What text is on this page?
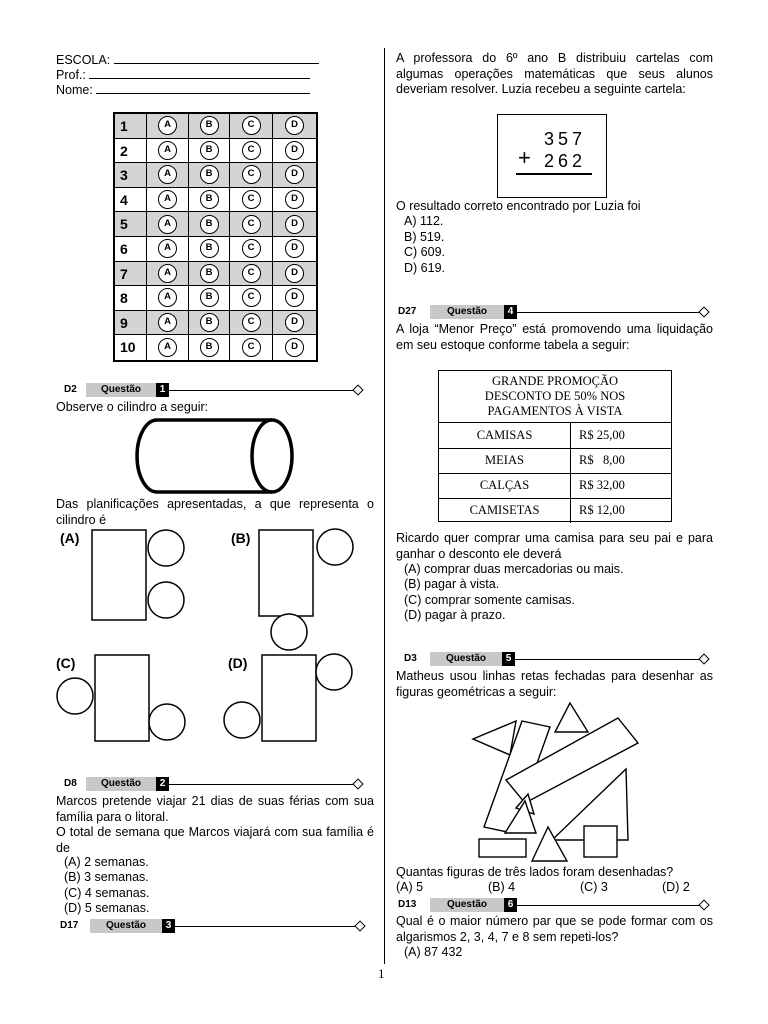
ESCOLA:
Prof.:
Nome:
1	A	B	C	D
2	A	B	C	D
3	A	B	C	D
4	A	B	C	D
5	A	B	C	D
6	A	B	C	D
7	A	B	C	D
8	A	B	C	D
9	A	B	C	D
10	A	B	C	D
D2	Questão	1
Observe o cilindro a seguir:
Das planificações apresentadas, a que representa o cilindro é
(A)	(B)
(C)	(D)
D8	Questão	2
Marcos pretende viajar 21 dias de suas férias com sua família para o litoral.
O total de semana que Marcos viajará com sua família é de
(A) 2 semanas.
(B) 3 semanas.
(C) 4 semanas.
(D) 5 semanas.
D17	Questão	3
A professora do 6º ano B distribuiu cartelas com algumas operações matemáticas que seus alunos deveriam resolver. Luzia recebeu a seguinte cartela:
357
+ 262
O resultado correto encontrado por Luzia foi
A) 112.
B) 519.
C) 609.
D) 619.
D27	Questão	4
A loja “Menor Preço” está promovendo uma liquidação em seu estoque conforme tabela a seguir:
GRANDE PROMOÇÃO
DESCONTO DE 50% NOS
PAGAMENTOS À VISTA
CAMISAS	R$ 25,00
MEIAS	R$   8,00
CALÇAS	R$ 32,00
CAMISETAS	R$ 12,00
Ricardo quer comprar uma camisa para seu pai e para ganhar o desconto ele deverá
(A) comprar duas mercadorias ou mais.
(B) pagar à vista.
(C) comprar somente camisas.
(D) pagar à prazo.
D3	Questão	5
Matheus usou linhas retas fechadas para desenhar as figuras geométricas a seguir:
Quantas figuras de três lados foram desenhadas?
(A) 5	(B) 4	(C) 3	(D) 2
D13	Questão	6
Qual é o maior número par que se pode formar com os algarismos 2, 3, 4, 7 e 8 sem repeti-los?
(A) 87 432
1
